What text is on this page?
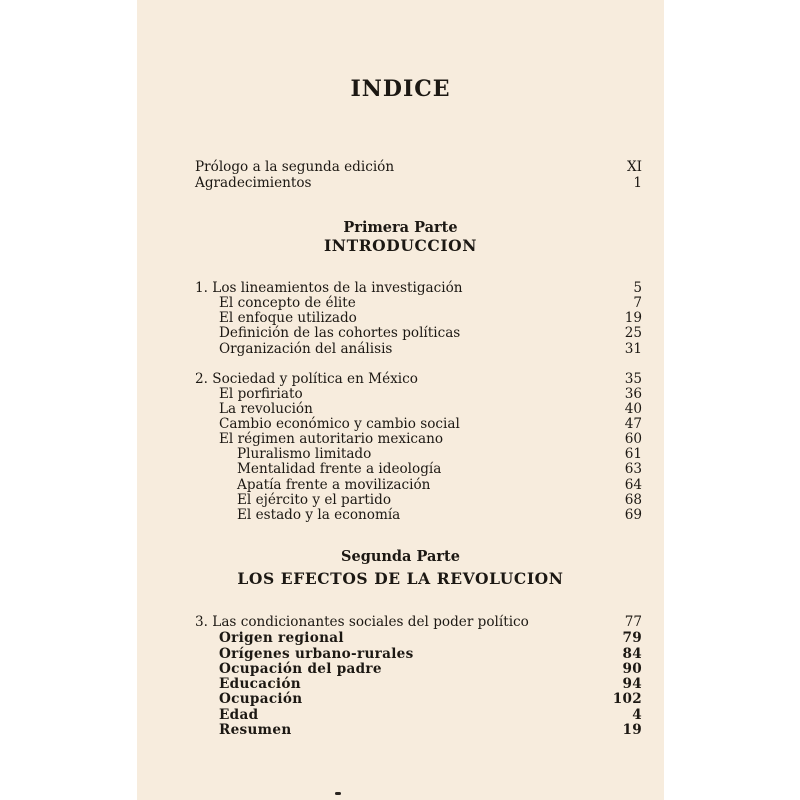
INDICE
Prólogo a la segunda edición	XI
Agradecimientos	1
Primera Parte
INTRODUCCION
1. Los lineamientos de la investigación	5
El concepto de élite	7
El enfoque utilizado	19
Definición de las cohortes políticas	25
Organización del análisis	31
2. Sociedad y política en México	35
El porfiriato	36
La revolución	40
Cambio económico y cambio social	47
El régimen autoritario mexicano	60
Pluralismo limitado	61
Mentalidad frente a ideología	63
Apatía frente a movilización	64
El ejército y el partido	68
El estado y la economía	69
Segunda Parte
LOS EFECTOS DE LA REVOLUCION
3. Las condicionantes sociales del poder político	77
Origen regional	79
Orígenes urbano-rurales	84
Ocupación del padre	90
Educación	94
Ocupación	102
Edad	4
Resumen	19
